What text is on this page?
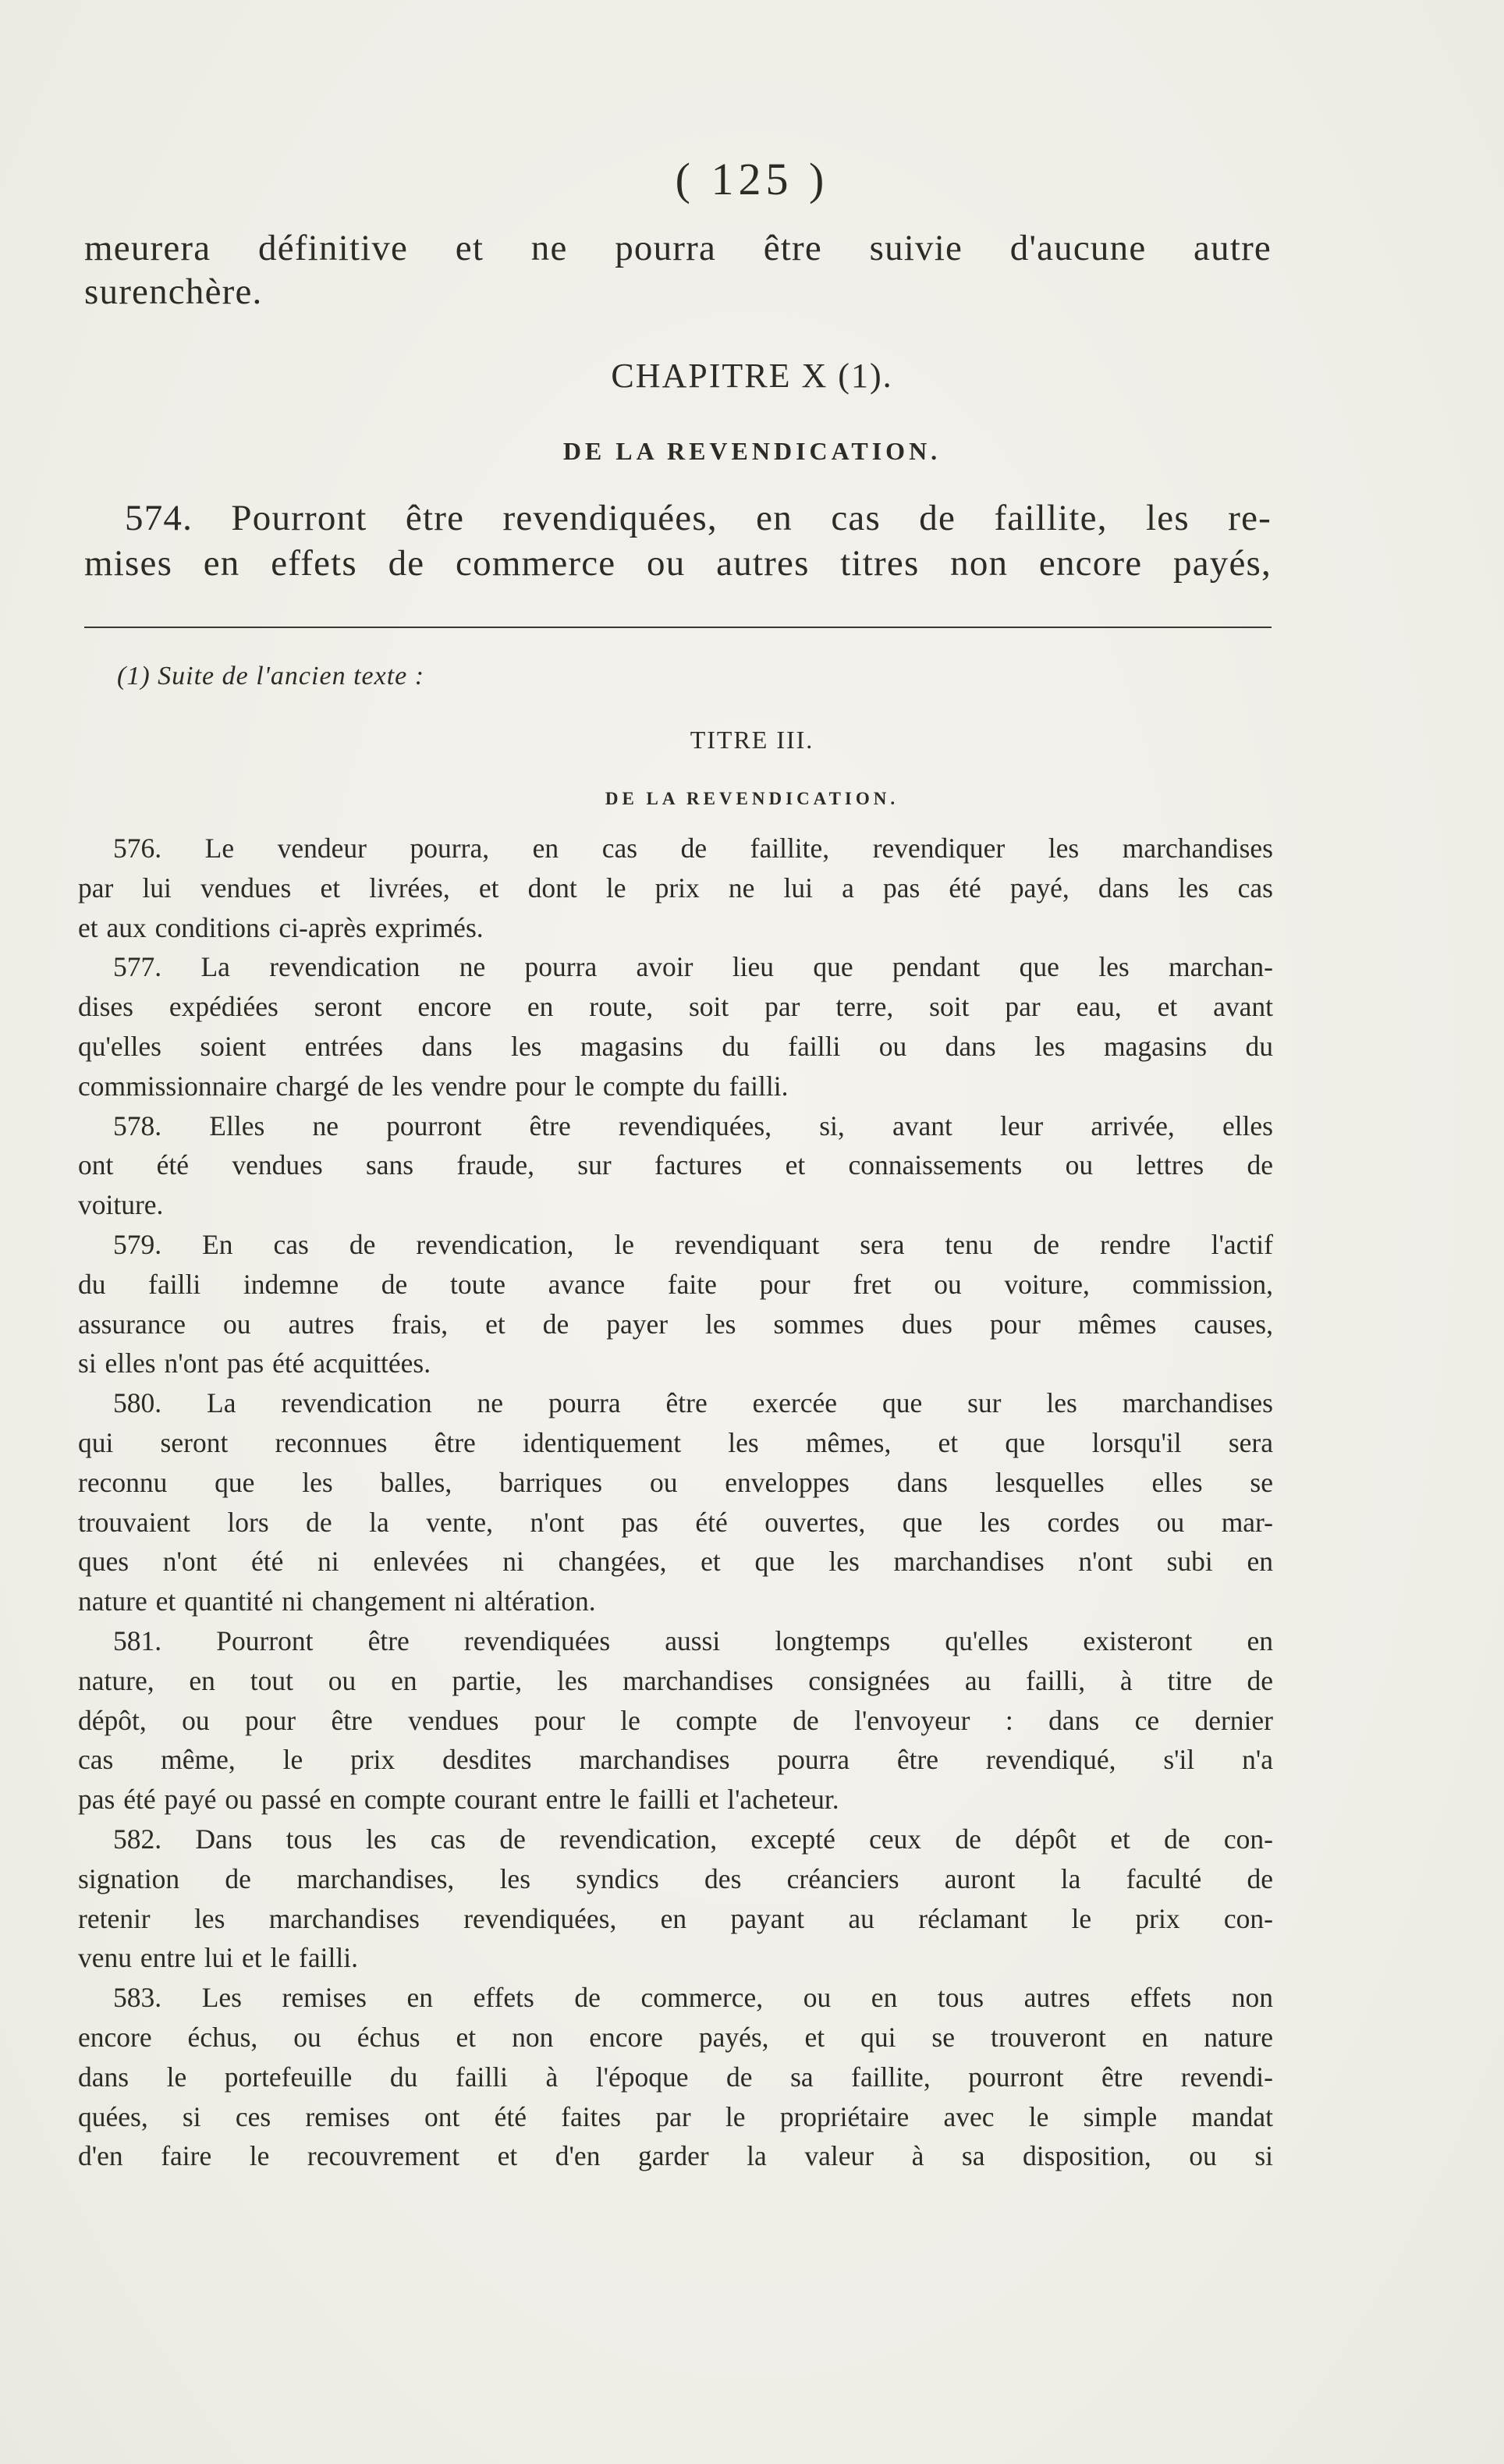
( 125 )
meurera définitive et ne pourra être suivie d'aucune autre
surenchère.
CHAPITRE X (1).
DE LA REVENDICATION.
574. Pourront être revendiquées, en cas de faillite, les re-
mises en effets de commerce ou autres titres non encore payés,
(1) Suite de l'ancien texte :
TITRE III.
DE LA REVENDICATION.
576. Le vendeur pourra, en cas de faillite, revendiquer les marchandises
par lui vendues et livrées, et dont le prix ne lui a pas été payé, dans les cas
et aux conditions ci-après exprimés.
577. La revendication ne pourra avoir lieu que pendant que les marchan-
dises expédiées seront encore en route, soit par terre, soit par eau, et avant
qu'elles soient entrées dans les magasins du failli ou dans les magasins du
commissionnaire chargé de les vendre pour le compte du failli.
578. Elles ne pourront être revendiquées, si, avant leur arrivée, elles
ont été vendues sans fraude, sur factures et connaissements ou lettres de
voiture.
579. En cas de revendication, le revendiquant sera tenu de rendre l'actif
du failli indemne de toute avance faite pour fret ou voiture, commission,
assurance ou autres frais, et de payer les sommes dues pour mêmes causes,
si elles n'ont pas été acquittées.
580. La revendication ne pourra être exercée que sur les marchandises
qui seront reconnues être identiquement les mêmes, et que lorsqu'il sera
reconnu que les balles, barriques ou enveloppes dans lesquelles elles se
trouvaient lors de la vente, n'ont pas été ouvertes, que les cordes ou mar-
ques n'ont été ni enlevées ni changées, et que les marchandises n'ont subi en
nature et quantité ni changement ni altération.
581. Pourront être revendiquées aussi longtemps qu'elles existeront en
nature, en tout ou en partie, les marchandises consignées au failli, à titre de
dépôt, ou pour être vendues pour le compte de l'envoyeur : dans ce dernier
cas même, le prix desdites marchandises pourra être revendiqué, s'il n'a
pas été payé ou passé en compte courant entre le failli et l'acheteur.
582. Dans tous les cas de revendication, excepté ceux de dépôt et de con-
signation de marchandises, les syndics des créanciers auront la faculté de
retenir les marchandises revendiquées, en payant au réclamant le prix con-
venu entre lui et le failli.
583. Les remises en effets de commerce, ou en tous autres effets non
encore échus, ou échus et non encore payés, et qui se trouveront en nature
dans le portefeuille du failli à l'époque de sa faillite, pourront être revendi-
quées, si ces remises ont été faites par le propriétaire avec le simple mandat
d'en faire le recouvrement et d'en garder la valeur à sa disposition, ou si
